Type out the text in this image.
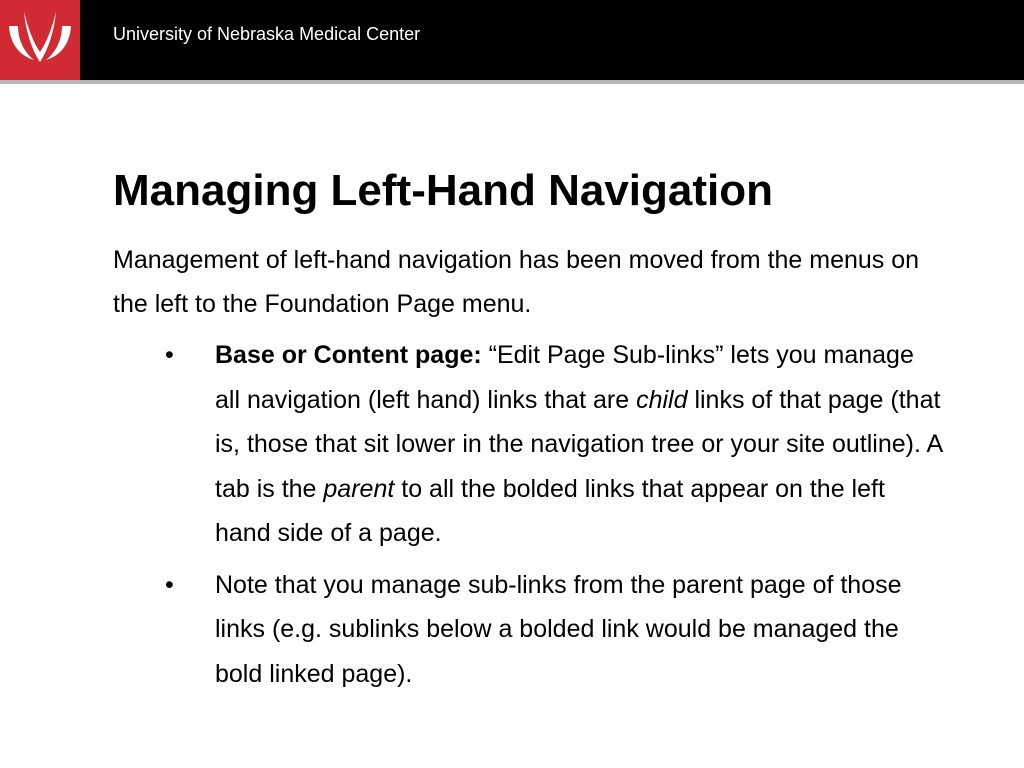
University of Nebraska Medical Center
Managing Left-Hand Navigation

Management of left-hand navigation has been moved from the menus on the left to the Foundation Page menu.

• Base or Content page: “Edit Page Sub-links” lets you manage all navigation (left hand) links that are child links of that page (that is, those that sit lower in the navigation tree or your site outline). A tab is the parent to all the bolded links that appear on the left hand side of a page.
• Note that you manage sub-links from the parent page of those links (e.g. sublinks below a bolded link would be managed the bold linked page).
